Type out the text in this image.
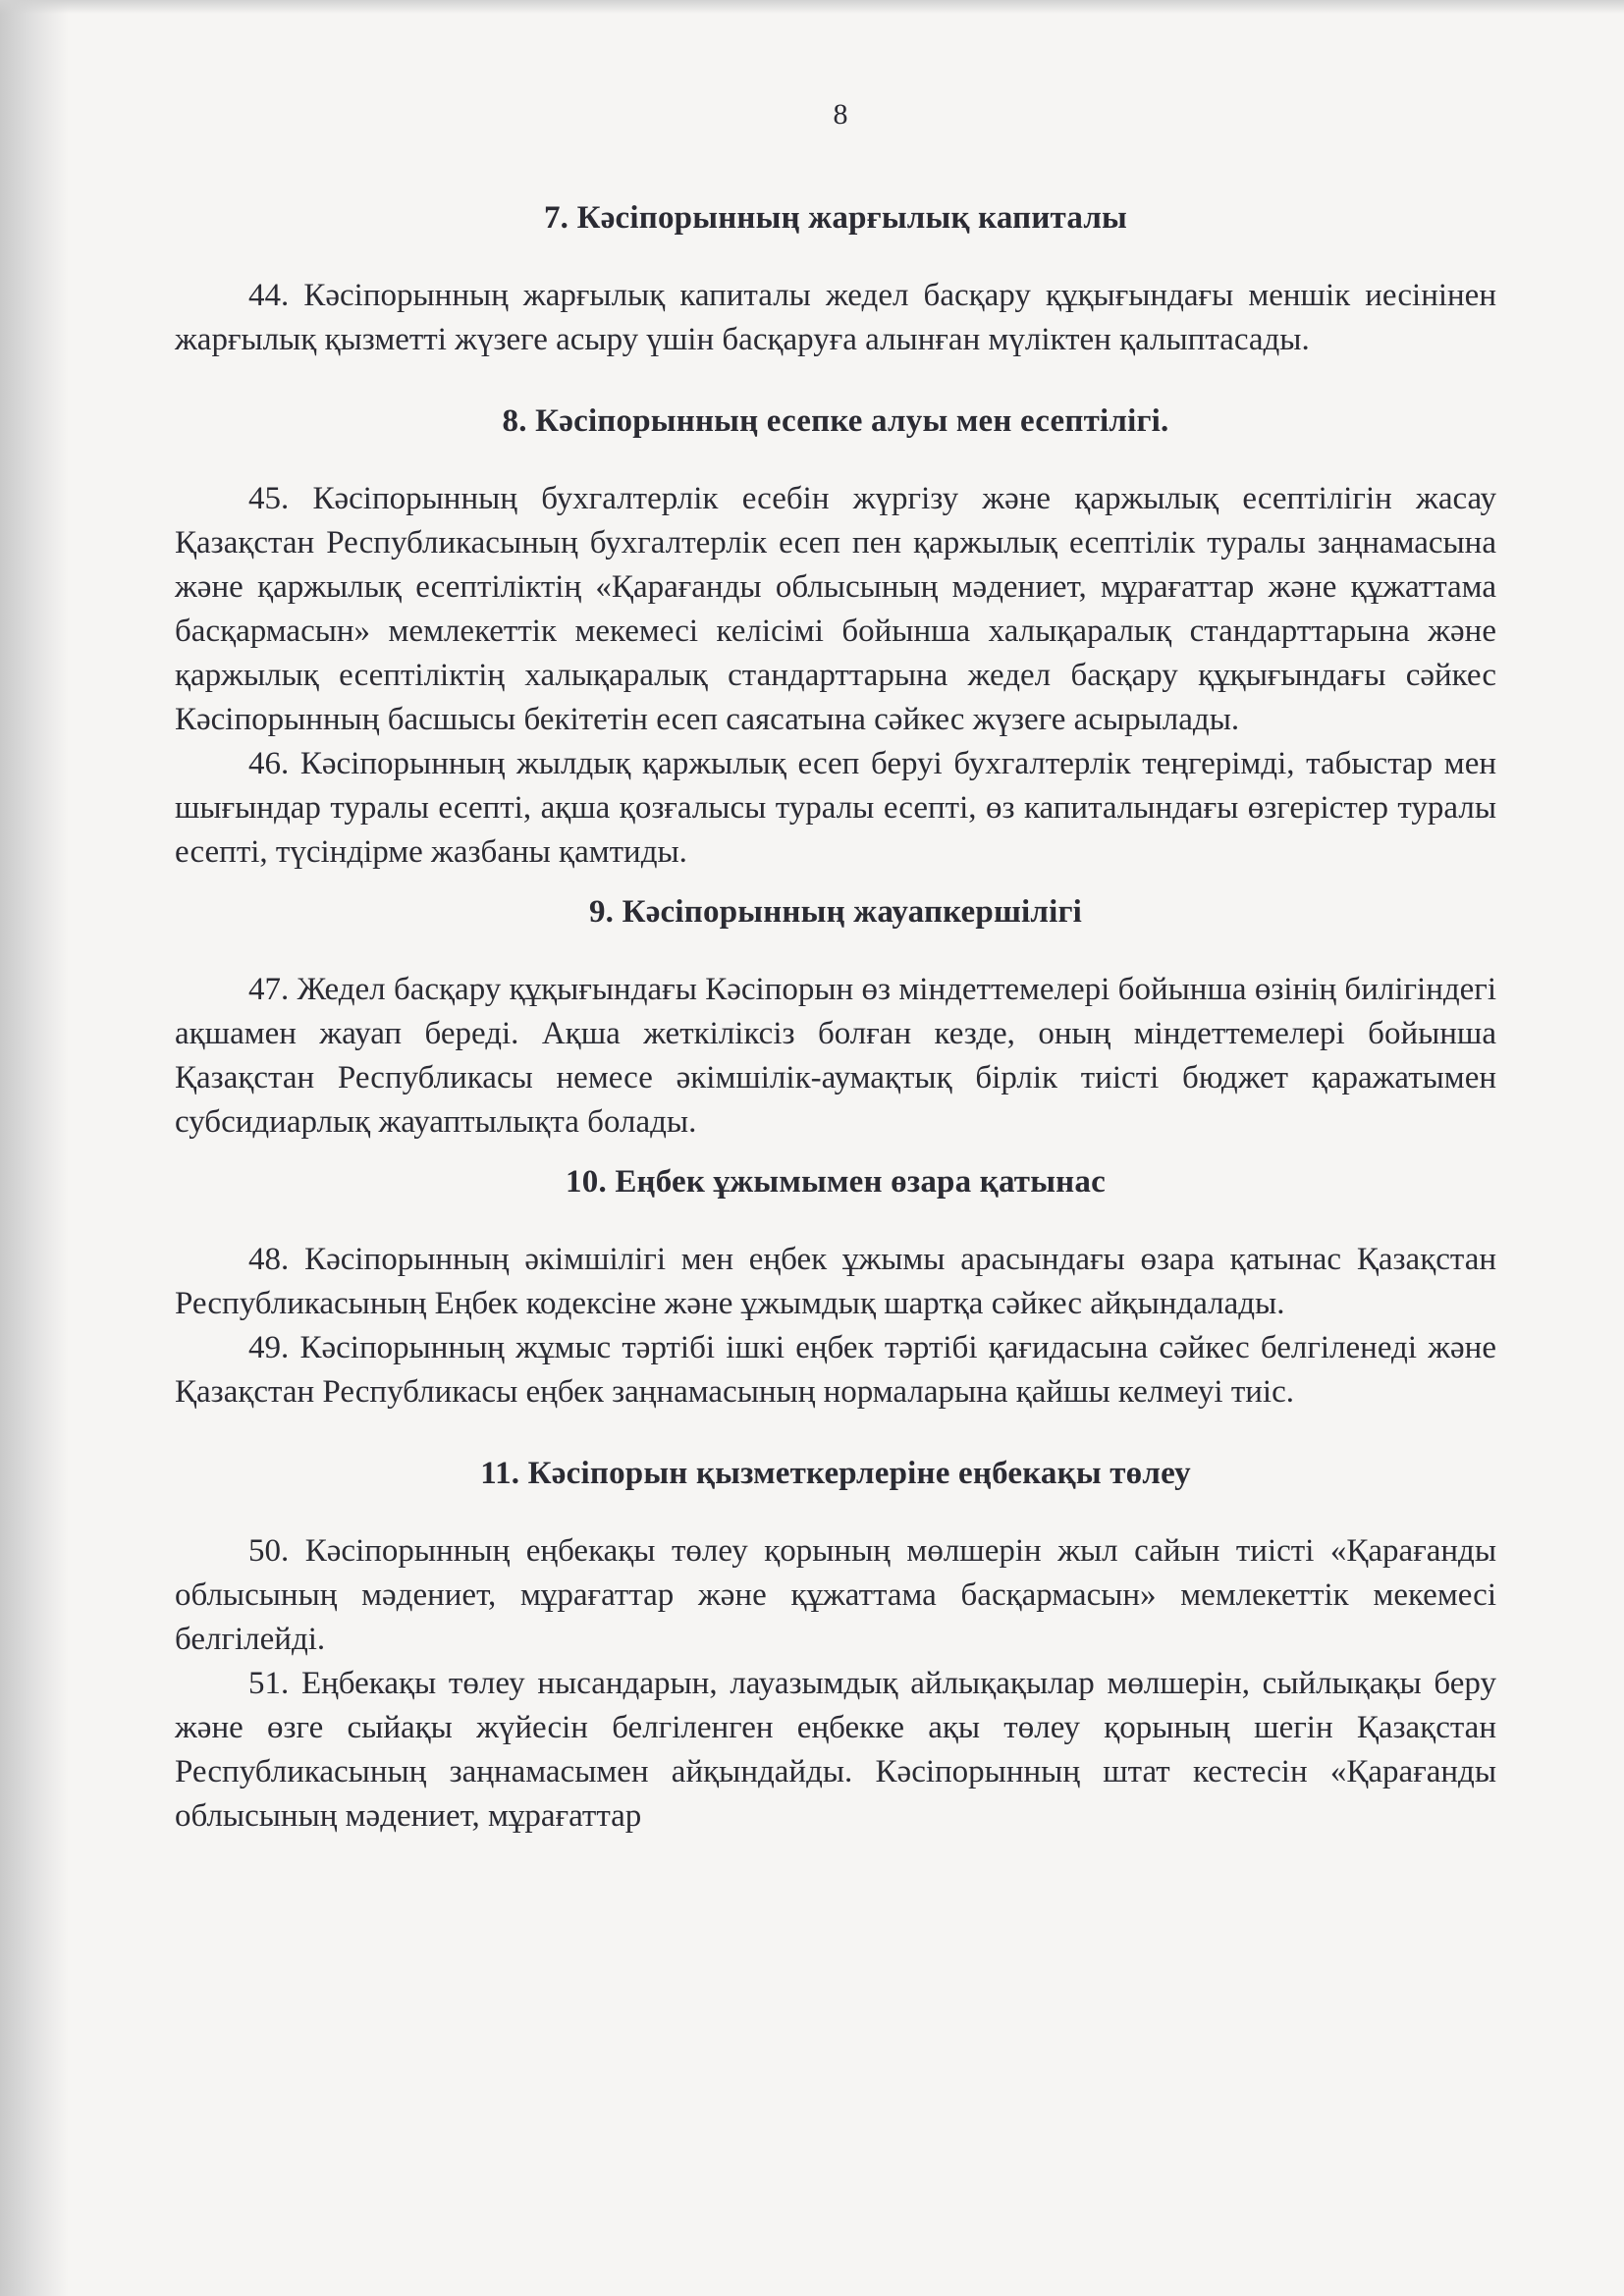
8
7. Кәсіпорынның жарғылық капиталы

44. Кәсіпорынның жарғылық капиталы жедел басқару құқығындағы меншік иесінінен жарғылық қызметті жүзеге асыру үшін басқаруға алынған мүліктен қалыптасады.

8. Кәсіпорынның есепке алуы мен есептілігі.

45. Кәсіпорынның бухгалтерлік есебін жүргізу және қаржылық есептілігін жасау Қазақстан Республикасының бухгалтерлік есеп пен қаржылық есептілік туралы заңнамасына және қаржылық есептіліктің «Қарағанды облысының мәдениет, мұрағаттар және құжаттама басқармасын» мемлекеттік мекемесі келісімі бойынша халықаралық стандарттарына және қаржылық есептіліктің халықаралық стандарттарына жедел басқару құқығындағы сәйкес Кәсіпорынның басшысы бекітетін есеп саясатына сәйкес жүзеге асырылады.

46. Кәсіпорынның жылдық қаржылық есеп беруі бухгалтерлік теңгерімді, табыстар мен шығындар туралы есепті, ақша қозғалысы туралы есепті, өз капиталындағы өзгерістер туралы есепті, түсіндірме жазбаны қамтиды.

9. Кәсіпорынның жауапкершілігі

47. Жедел басқару құқығындағы Кәсіпорын өз міндеттемелері бойынша өзінің билігіндегі ақшамен жауап береді. Ақша жеткіліксіз болған кезде, оның міндеттемелері бойынша Қазақстан Республикасы немесе әкімшілік-аумақтық бірлік тиісті бюджет қаражатымен субсидиарлық жауаптылықта болады.

10. Еңбек ұжымымен өзара қатынас

48. Кәсіпорынның әкімшілігі мен еңбек ұжымы арасындағы өзара қатынас Қазақстан Республикасының Еңбек кодексіне және ұжымдық шартқа сәйкес айқындалады.

49. Кәсіпорынның жұмыс тәртібі ішкі еңбек тәртібі қағидасына сәйкес белгіленеді және Қазақстан Республикасы еңбек заңнамасының нормаларына қайшы келмеуі тиіс.

11. Кәсіпорын қызметкерлеріне еңбекақы төлеу

50. Кәсіпорынның еңбекақы төлеу қорының мөлшерін жыл сайын тиісті «Қарағанды облысының мәдениет, мұрағаттар және құжаттама басқармасын» мемлекеттік мекемесі белгілейді.

51. Еңбекақы төлеу нысандарын, лауазымдық айлықақылар мөлшерін, сыйлықақы беру және өзге сыйақы жүйесін белгіленген еңбекке ақы төлеу қорының шегін Қазақстан Республикасының заңнамасымен айқындайды. Кәсіпорынның штат кестесін «Қарағанды облысының мәдениет, мұрағаттар
